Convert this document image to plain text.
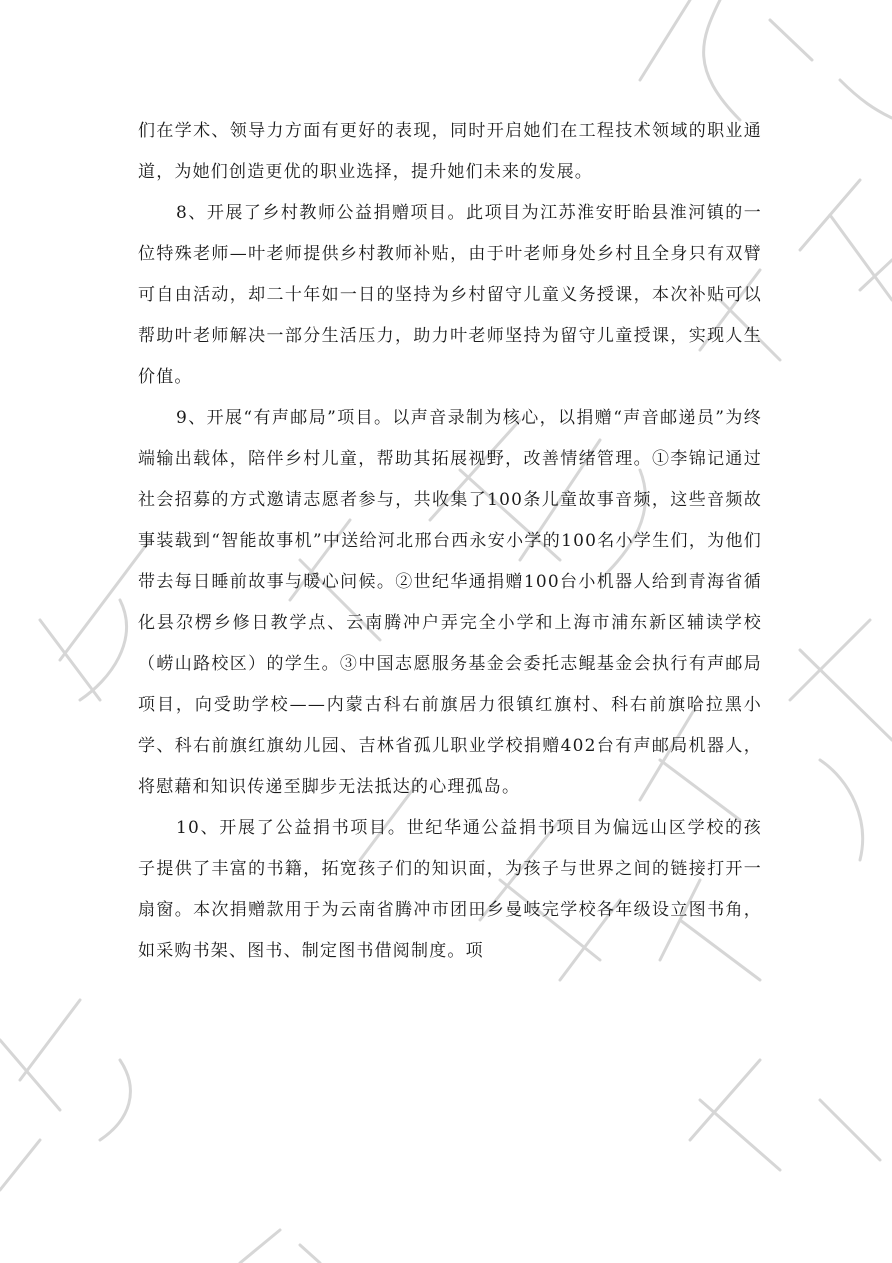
们在学术、领导力方面有更好的表现，同时开启她们在工程技术领域的职业通道，为她们创造更优的职业选择，提升她们未来的发展。

8、开展了乡村教师公益捐赠项目。此项目为江苏淮安盱眙县淮河镇的一位特殊老师—叶老师提供乡村教师补贴，由于叶老师身处乡村且全身只有双臂可自由活动，却二十年如一日的坚持为乡村留守儿童义务授课，本次补贴可以帮助叶老师解决一部分生活压力，助力叶老师坚持为留守儿童授课，实现人生价值。

9、开展“有声邮局”项目。以声音录制为核心，以捐赠“声音邮递员”为终端输出载体，陪伴乡村儿童，帮助其拓展视野，改善情绪管理。①李锦记通过社会招募的方式邀请志愿者参与，共收集了100条儿童故事音频，这些音频故事装载到“智能故事机”中送给河北邢台西永安小学的100名小学生们，为他们带去每日睡前故事与暖心问候。②世纪华通捐赠100台小机器人给到青海省循化县尕楞乡修日教学点、云南腾冲户弄完全小学和上海市浦东新区辅读学校（崂山路校区）的学生。③中国志愿服务基金会委托志鲲基金会执行有声邮局项目，向受助学校——内蒙古科右前旗居力很镇红旗村、科右前旗哈拉黑小学、科右前旗红旗幼儿园、吉林省孤儿职业学校捐赠402台有声邮局机器人，将慰藉和知识传递至脚步无法抵达的心理孤岛。

10、开展了公益捐书项目。世纪华通公益捐书项目为偏远山区学校的孩子提供了丰富的书籍，拓宽孩子们的知识面，为孩子与世界之间的链接打开一扇窗。本次捐赠款用于为云南省腾冲市团田乡曼岐完学校各年级设立图书角，如采购书架、图书、制定图书借阅制度。项
